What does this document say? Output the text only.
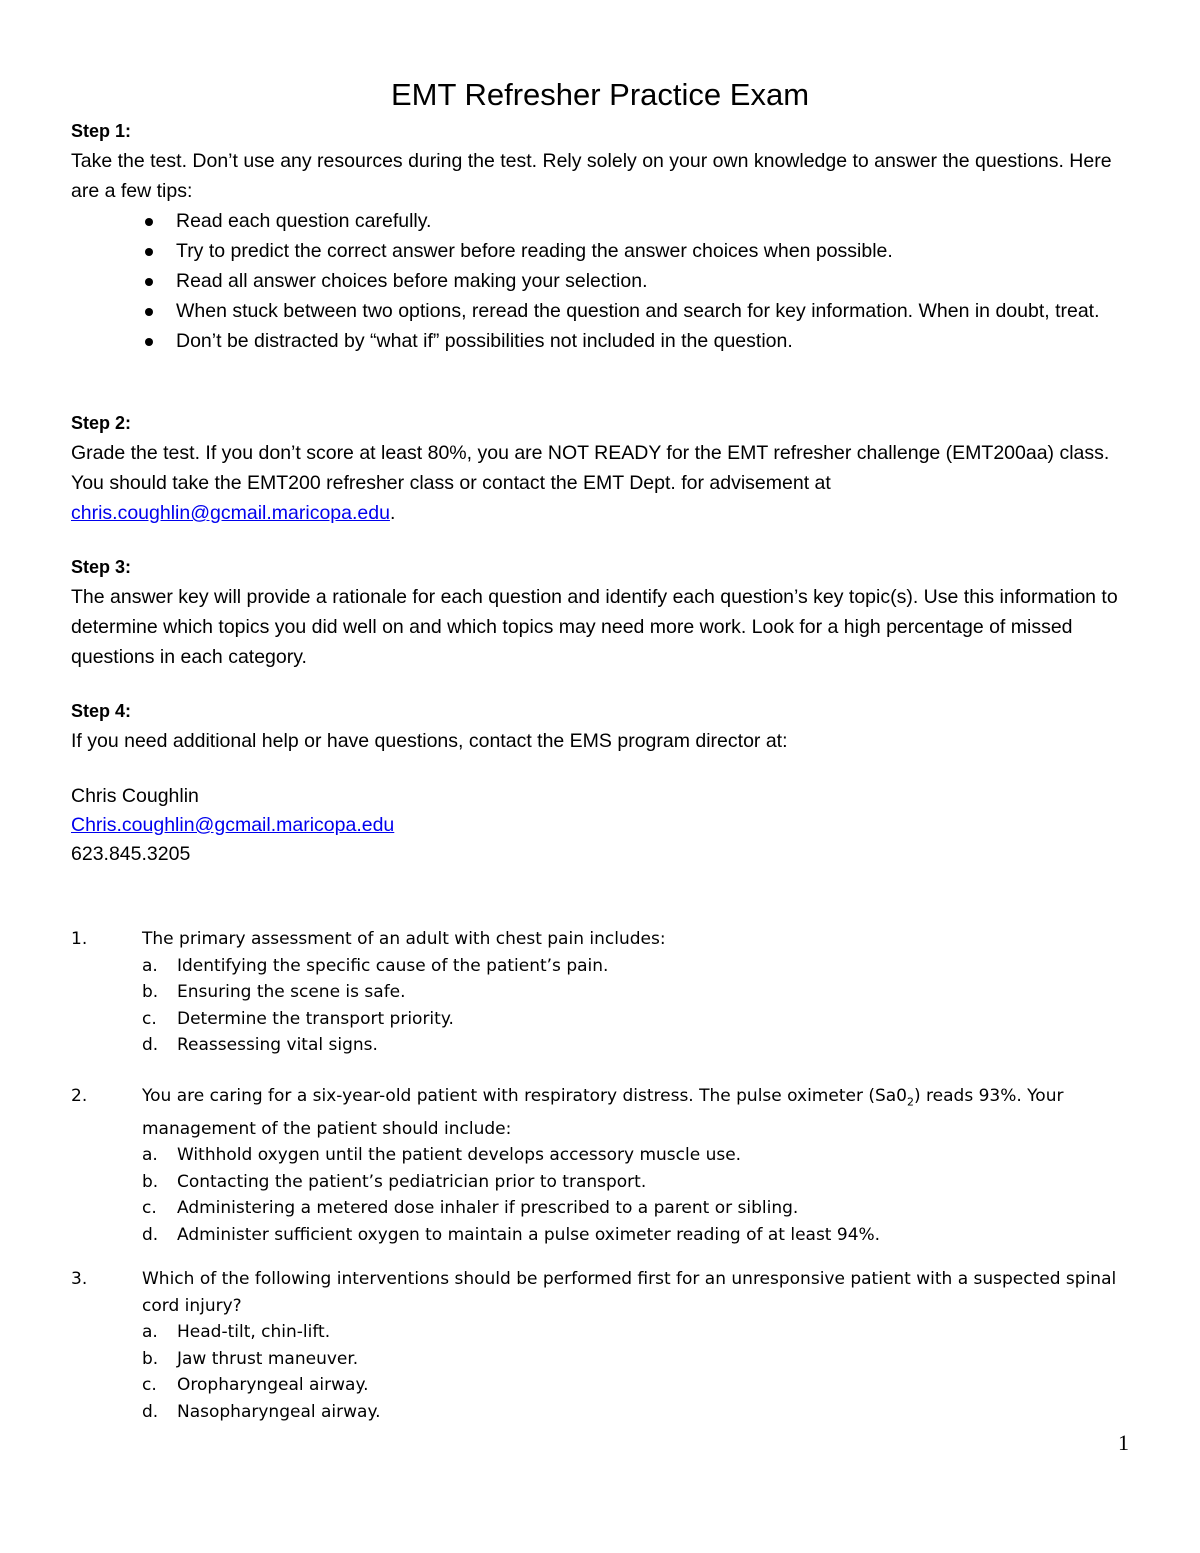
EMT Refresher Practice Exam
Step 1:
Take the test. Don’t use any resources during the test. Rely solely on your own knowledge to answer the questions. Here are a few tips:
Read each question carefully.
Try to predict the correct answer before reading the answer choices when possible.
Read all answer choices before making your selection.
When stuck between two options, reread the question and search for key information. When in doubt, treat.
Don’t be distracted by “what if” possibilities not included in the question.
Step 2:
Grade the test. If you don’t score at least 80%, you are NOT READY for the EMT refresher challenge (EMT200aa) class. You should take the EMT200 refresher class or contact the EMT Dept. for advisement at chris.coughlin@gcmail.maricopa.edu.
Step 3:
The answer key will provide a rationale for each question and identify each question’s key topic(s). Use this information to determine which topics you did well on and which topics may need more work. Look for a high percentage of missed questions in each category.
Step 4:
If you need additional help or have questions, contact the EMS program director at:
Chris Coughlin
Chris.coughlin@gcmail.maricopa.edu
623.845.3205
1.	The primary assessment of an adult with chest pain includes:
a. Identifying the specific cause of the patient’s pain.
b. Ensuring the scene is safe.
c. Determine the transport priority.
d. Reassessing vital signs.
2.	You are caring for a six-year-old patient with respiratory distress. The pulse oximeter $(Sa0_2)$ reads 93%. Your management of the patient should include:
a. Withhold oxygen until the patient develops accessory muscle use.
b. Contacting the patient’s pediatrician prior to transport.
c. Administering a metered dose inhaler if prescribed to a parent or sibling.
d. Administer sufficient oxygen to maintain a pulse oximeter reading of at least 94%.
3.	Which of the following interventions should be performed first for an unresponsive patient with a suspected spinal cord injury?
a. Head-tilt, chin-lift.
b. Jaw thrust maneuver.
c. Oropharyngeal airway.
d. Nasopharyngeal airway.
1
